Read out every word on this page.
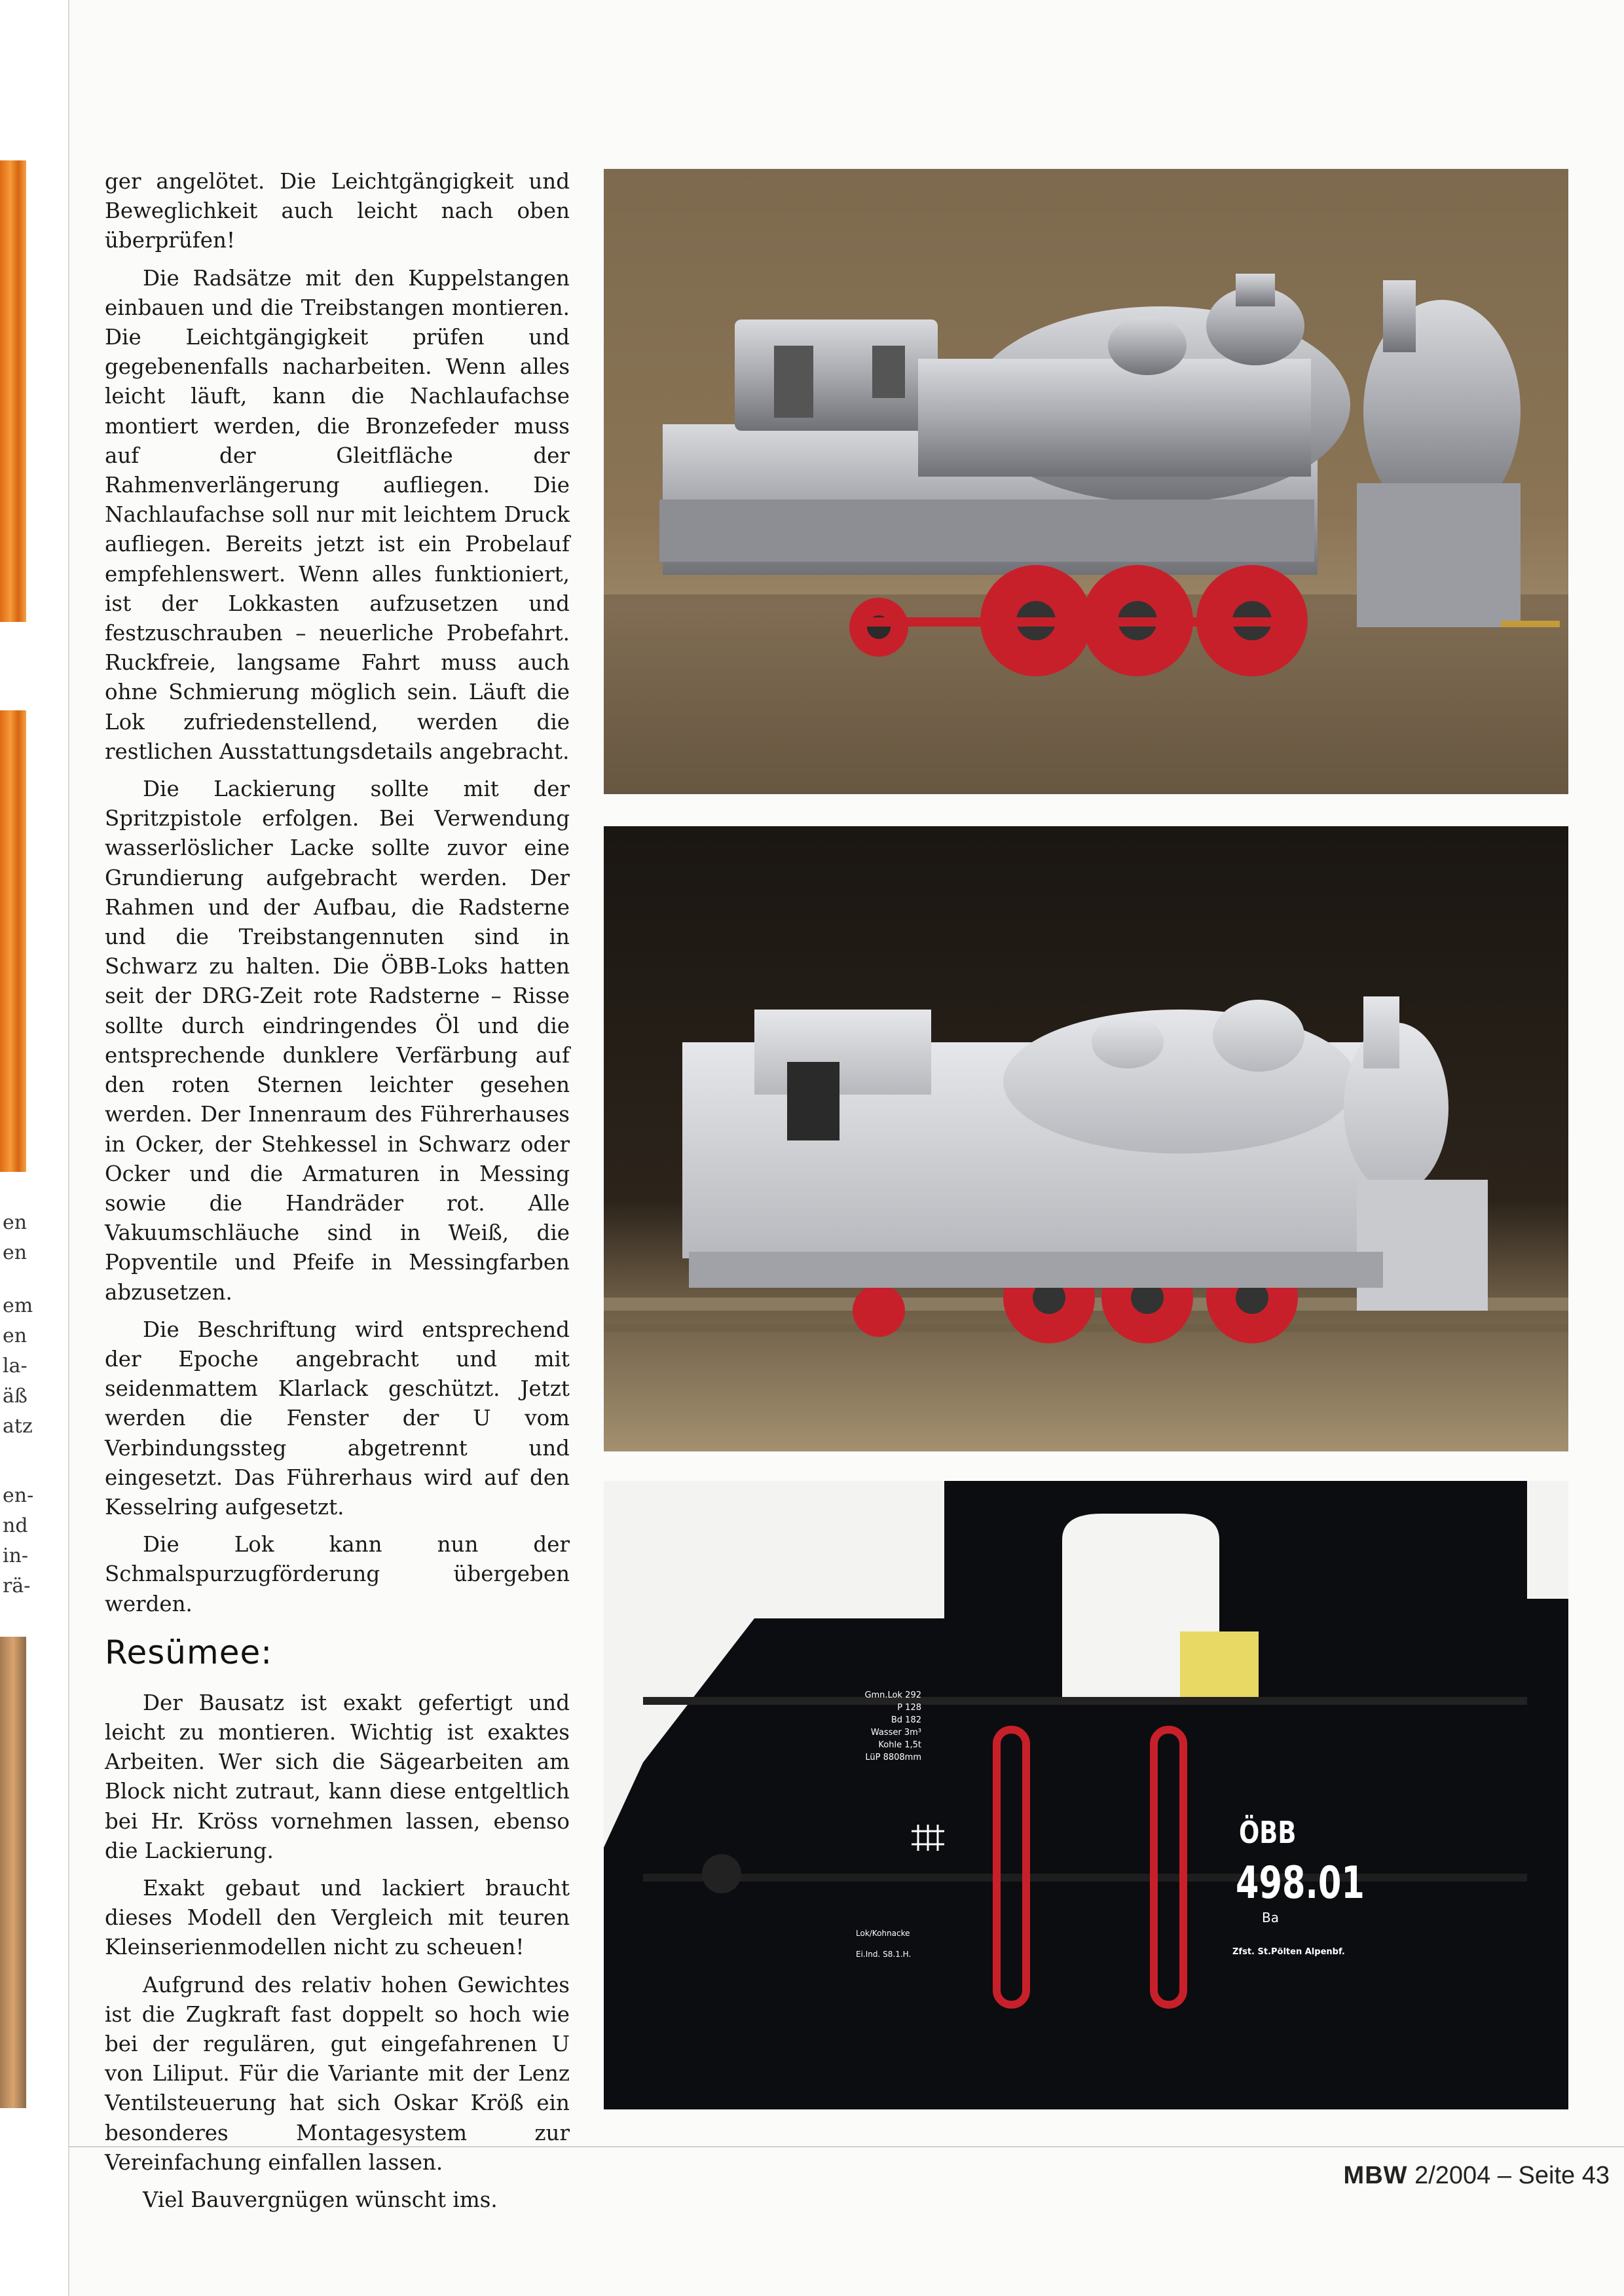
en
en
em
en
la-
äß
atz
en-
nd
in-
rä-

ger angelötet. Die Leichtgängigkeit und Beweglichkeit auch leicht nach oben überprüfen!

Die Radsätze mit den Kuppelstangen einbauen und die Treibstangen montieren. Die Leichtgängigkeit prüfen und gegebenenfalls nacharbeiten. Wenn alles leicht läuft, kann die Nachlaufachse montiert werden, die Bronzefeder muss auf der Gleitfläche der Rahmenverlängerung aufliegen. Die Nachlaufachse soll nur mit leichtem Druck aufliegen. Bereits jetzt ist ein Probelauf empfehlenswert. Wenn alles funktioniert, ist der Lokkasten aufzusetzen und festzuschrauben – neuerliche Probefahrt. Ruckfreie, langsame Fahrt muss auch ohne Schmierung möglich sein. Läuft die Lok zufriedenstellend, werden die restlichen Ausstattungsdetails angebracht.

Die Lackierung sollte mit der Spritzpistole erfolgen. Bei Verwendung wasserlöslicher Lacke sollte zuvor eine Grundierung aufgebracht werden. Der Rahmen und der Aufbau, die Radsterne und die Treibstangennuten sind in Schwarz zu halten. Die ÖBB-Loks hatten seit der DRG-Zeit rote Radsterne – Risse sollte durch eindringendes Öl und die entsprechende dunklere Verfärbung auf den roten Sternen leichter gesehen werden. Der Innenraum des Führerhauses in Ocker, der Stehkessel in Schwarz oder Ocker und die Armaturen in Messing sowie die Handräder rot. Alle Vakuumschläuche sind in Weiß, die Popventile und Pfeife in Messingfarben abzusetzen.

Die Beschriftung wird entsprechend der Epoche angebracht und mit seidenmattem Klarlack geschützt. Jetzt werden die Fenster der U vom Verbindungssteg abgetrennt und eingesetzt. Das Führerhaus wird auf den Kesselring aufgesetzt.

Die Lok kann nun der Schmalspurzugförderung übergeben werden.

Resümee:

Der Bausatz ist exakt gefertigt und leicht zu montieren. Wichtig ist exaktes Arbeiten. Wer sich die Sägearbeiten am Block nicht zutraut, kann diese entgeltlich bei Hr. Kröss vornehmen lassen, ebenso die Lackierung.

Exakt gebaut und lackiert braucht dieses Modell den Vergleich mit teuren Kleinserienmodellen nicht zu scheuen!

Aufgrund des relativ hohen Gewichtes ist die Zugkraft fast doppelt so hoch wie bei der regulären, gut eingefahrenen U von Liliput. Für die Variante mit der Lenz Ventilsteuerung hat sich Oskar Kröß ein besonderes Montagesystem zur Vereinfachung einfallen lassen.

Viel Bauvergnügen wünscht ims.

ÖBB
498.01
Ba
Gmn.Lok 292
P 128
Bd 182
Wasser 3m³
Kohle 1,5t
LüP 8808mm
Lok/Kohnacke
Ei.Ind. S8.1.H.	Zfst. St.Pölten Alpenbf.
MBW 2/2004 – Seite 43
